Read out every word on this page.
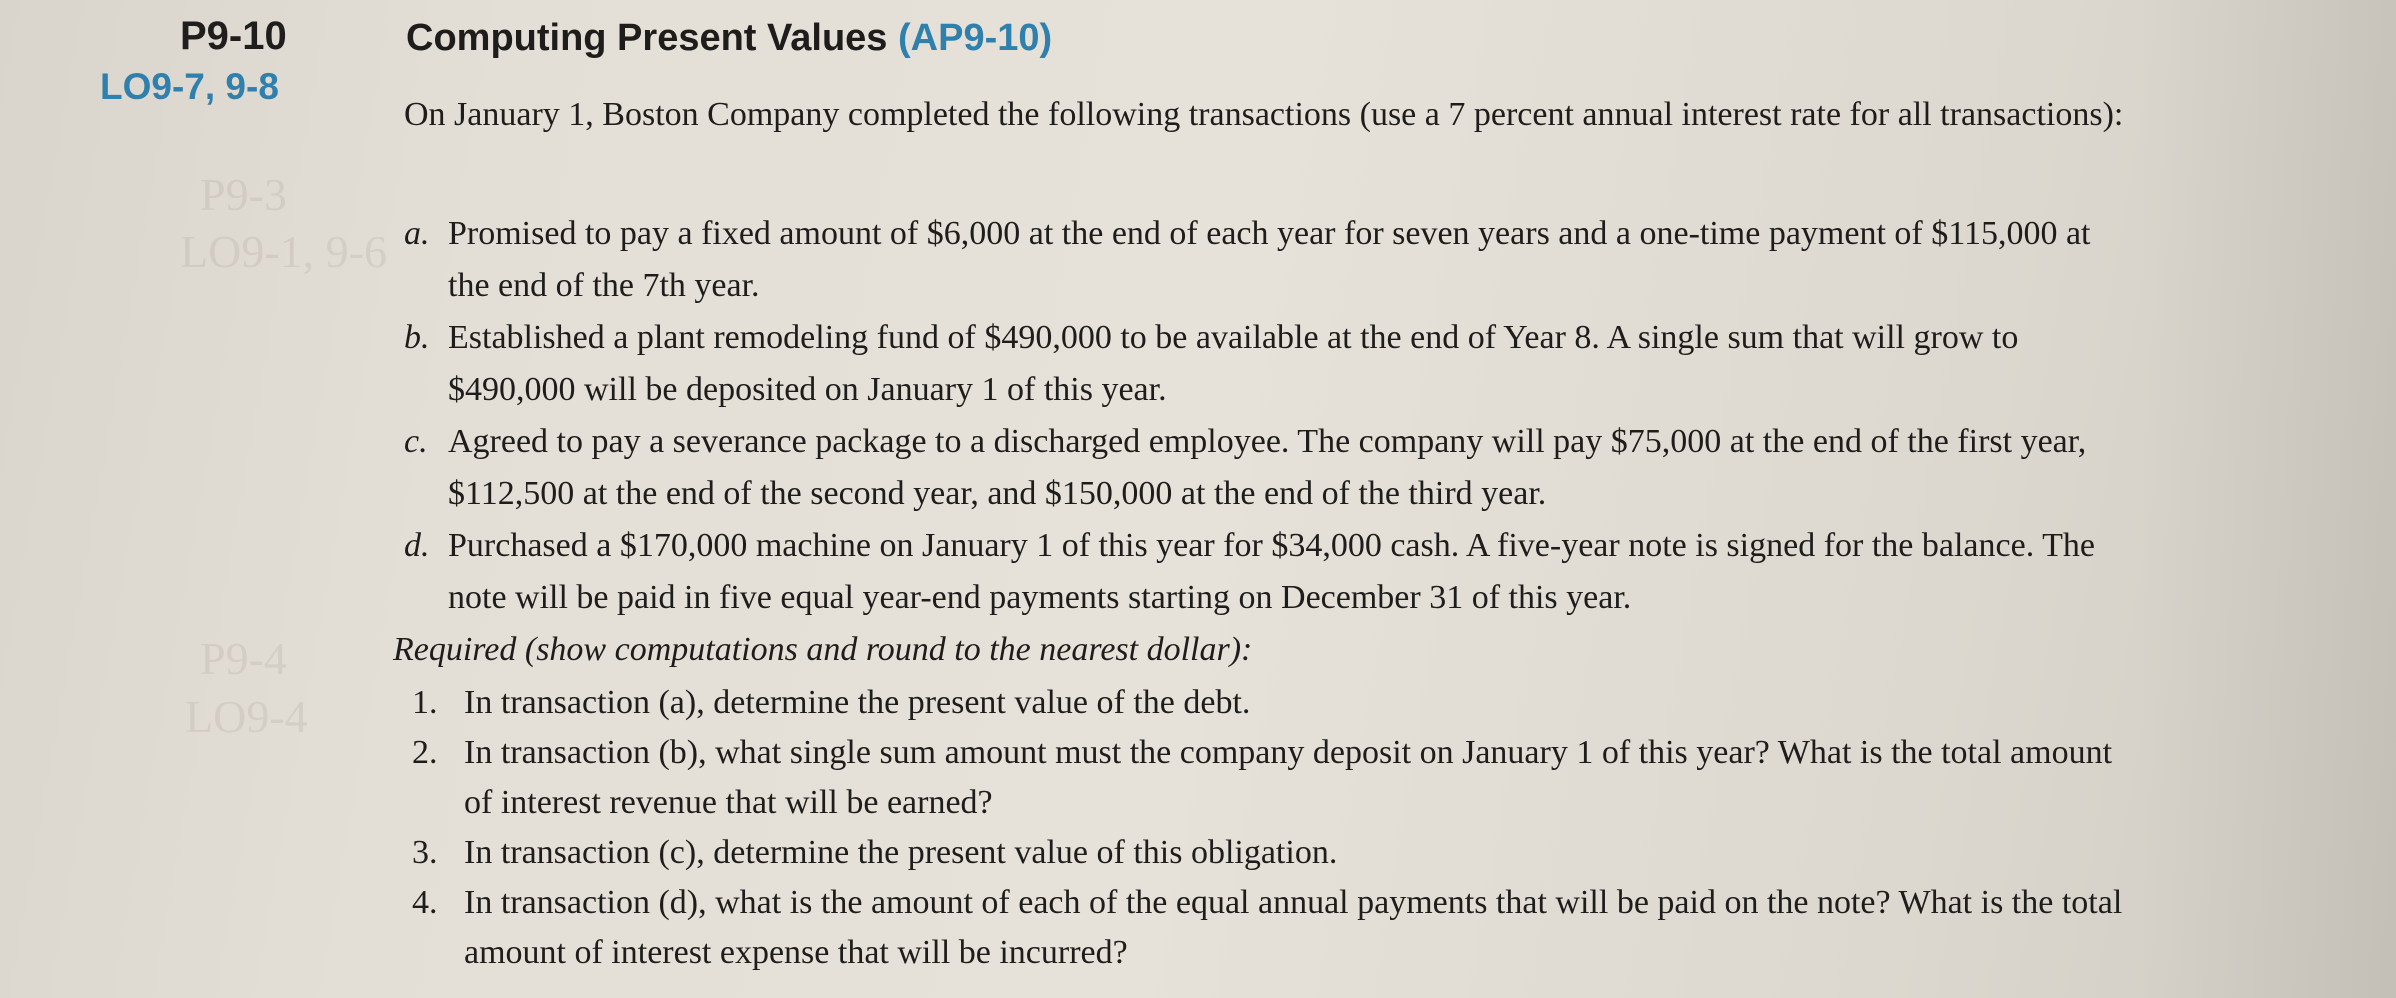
P9-3
LO9-1, 9-6
P9-4
LO9-4

P9-10

LO9-7, 9-8

Computing Present Values (AP9-10)

On January 1, Boston Company completed the following transactions (use a 7 percent annual interest rate for all transactions):

a. Promised to pay a fixed amount of $6,000 at the end of each year for seven years and a one-time payment of $115,000 at the end of the 7th year.
b. Established a plant remodeling fund of $490,000 to be available at the end of Year 8. A single sum that will grow to $490,000 will be deposited on January 1 of this year.
c. Agreed to pay a severance package to a discharged employee. The company will pay $75,000 at the end of the first year, $112,500 at the end of the second year, and $150,000 at the end of the third year.
d. Purchased a $170,000 machine on January 1 of this year for $34,000 cash. A five-year note is signed for the balance. The note will be paid in five equal year-end payments starting on December 31 of this year.

Required (show computations and round to the nearest dollar):

1. In transaction (a), determine the present value of the debt.
2. In transaction (b), what single sum amount must the company deposit on January 1 of this year? What is the total amount of interest revenue that will be earned?
3. In transaction (c), determine the present value of this obligation.
4. In transaction (d), what is the amount of each of the equal annual payments that will be paid on the note? What is the total amount of interest expense that will be incurred?
